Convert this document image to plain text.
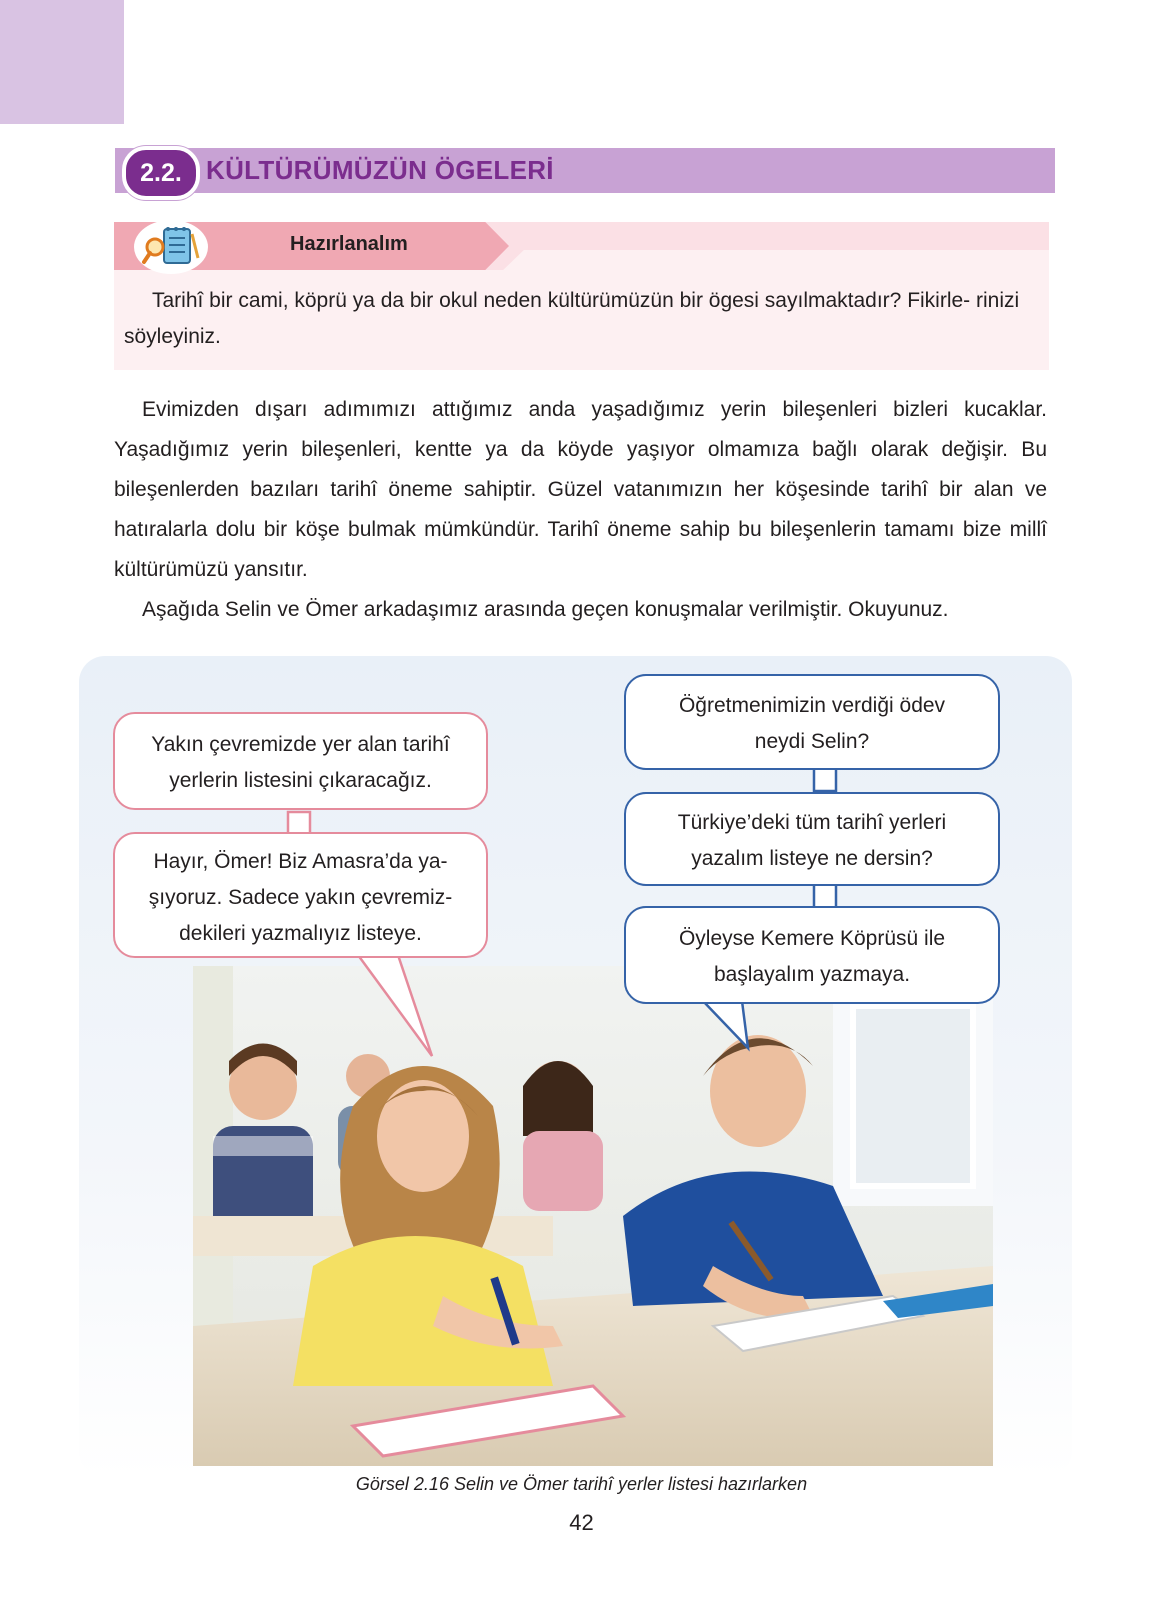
2.2. KÜLTÜRÜMÜZÜN ÖGELERİ
Hazırlanalım
Tarihî bir cami, köprü ya da bir okul neden kültürümüzün bir ögesi sayılmaktadır? Fikirle- rinizi söyleyiniz.

Evimizden dışarı adımımızı attığımız anda yaşadığımız yerin bileşenleri bizleri kucaklar. Yaşadığımız yerin bileşenleri, kentte ya da köyde yaşıyor olmamıza bağlı olarak değişir. Bu bileşenlerden bazıları tarihî öneme sahiptir. Güzel vatanımızın her köşesinde tarihî bir alan ve hatıralarla dolu bir köşe bulmak mümkündür. Tarihî öneme sahip bu bileşenlerin tamamı bize millî kültürümüzü yansıtır.

Aşağıda Selin ve Ömer arkadaşımız arasında geçen konuşmalar verilmiştir. Okuyunuz.

Yakın çevremizde yer alan tarihî yerlerin listesini çıkaracağız.
Hayır, Ömer! Biz Amasra’da ya- şıyoruz. Sadece yakın çevremiz- dekileri yazmalıyız listeye.
Öğretmenimizin verdiği ödev neydi Selin?
Türkiye’deki tüm tarihî yerleri yazalım listeye ne dersin?
Öyleyse Kemere Köprüsü ile başlayalım yazmaya.
Görsel 2.16 Selin ve Ömer tarihî yerler listesi hazırlarken
42
